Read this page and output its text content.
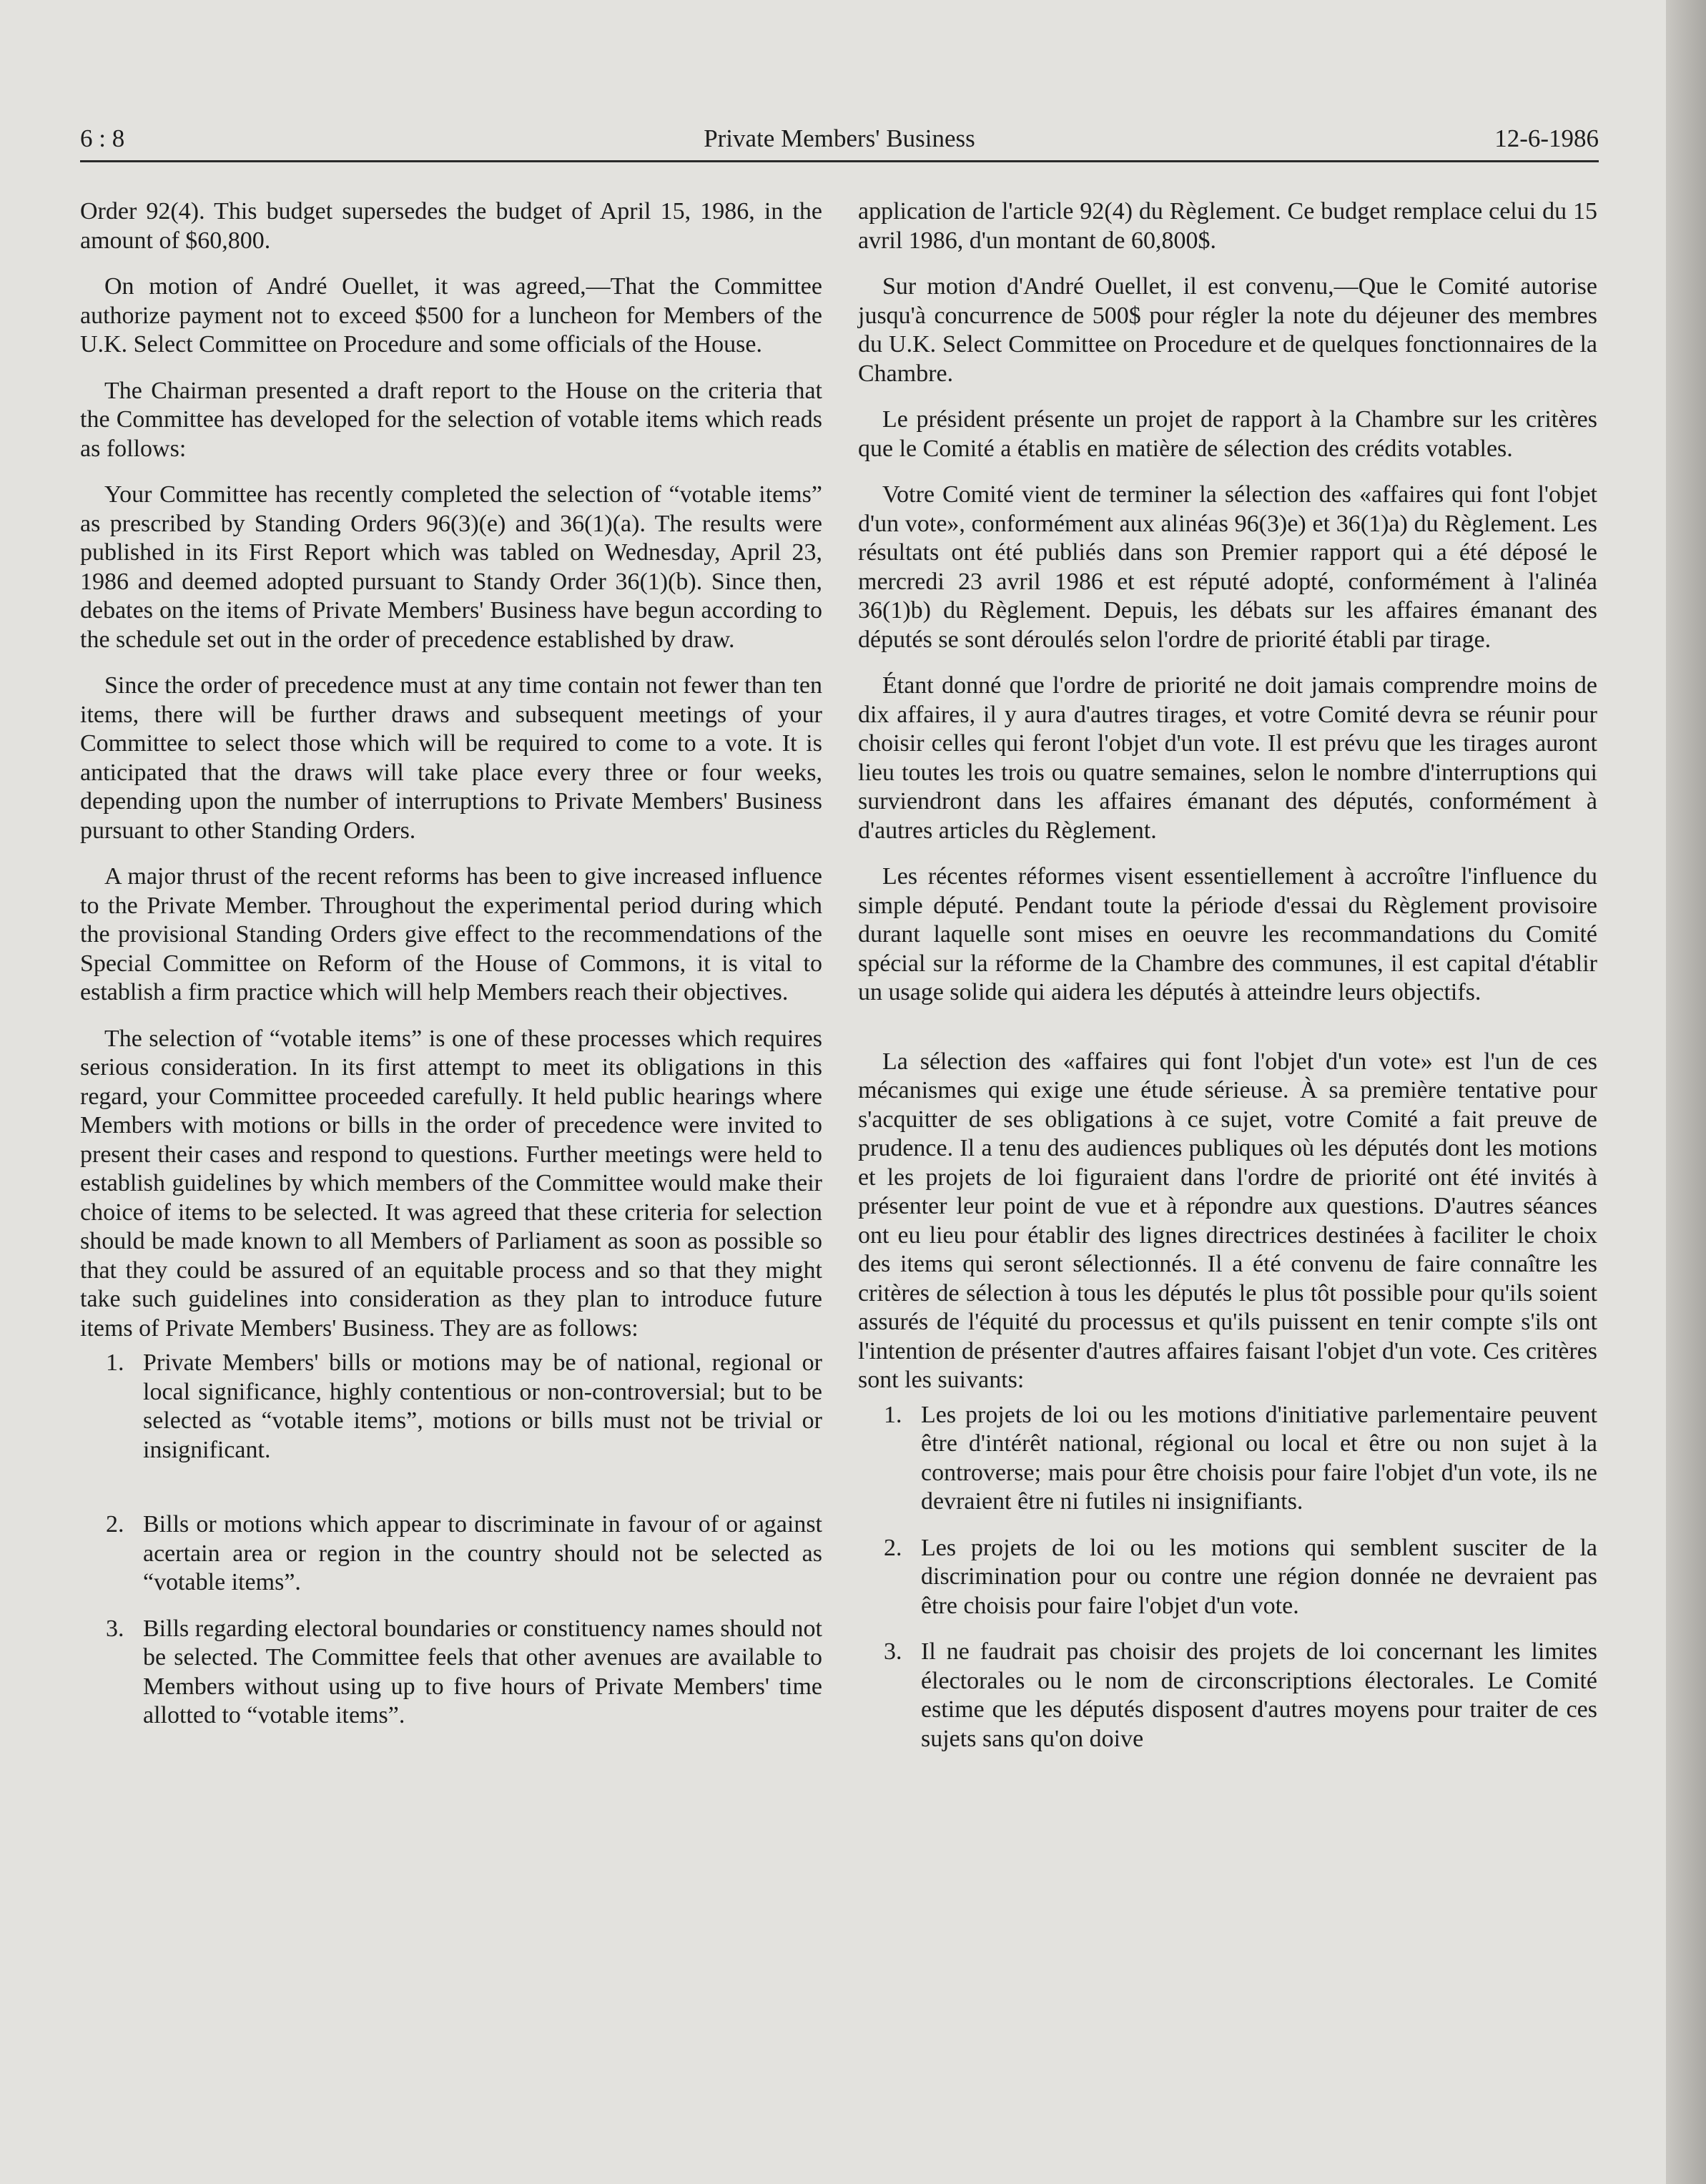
6 : 8	Private Members' Business	12-6-1986

Order 92(4). This budget supersedes the budget of April 15, 1986, in the amount of $60,800.

On motion of André Ouellet, it was agreed,—That the Committee authorize payment not to exceed $500 for a luncheon for Members of the U.K. Select Committee on Procedure and some officials of the House.

The Chairman presented a draft report to the House on the criteria that the Committee has developed for the selection of votable items which reads as follows:

Your Committee has recently completed the selection of “votable items” as prescribed by Standing Orders 96(3)(e) and 36(1)(a). The results were published in its First Report which was tabled on Wednesday, April 23, 1986 and deemed adopted pursuant to Standy Order 36(1)(b). Since then, debates on the items of Private Members' Business have begun according to the schedule set out in the order of precedence established by draw.

Since the order of precedence must at any time contain not fewer than ten items, there will be further draws and subsequent meetings of your Committee to select those which will be required to come to a vote. It is anticipated that the draws will take place every three or four weeks, depending upon the number of interruptions to Private Members' Business pursuant to other Standing Orders.

A major thrust of the recent reforms has been to give increased influence to the Private Member. Throughout the experimental period during which the provisional Standing Orders give effect to the recommendations of the Special Committee on Reform of the House of Commons, it is vital to establish a firm practice which will help Members reach their objectives.

The selection of “votable items” is one of these processes which requires serious consideration. In its first attempt to meet its obligations in this regard, your Committee proceeded carefully. It held public hearings where Members with motions or bills in the order of precedence were invited to present their cases and respond to questions. Further meetings were held to establish guidelines by which members of the Committee would make their choice of items to be selected. It was agreed that these criteria for selection should be made known to all Members of Parliament as soon as possible so that they could be assured of an equitable process and so that they might take such guidelines into consideration as they plan to introduce future items of Private Members' Business. They are as follows:

1. Private Members' bills or motions may be of national, regional or local significance, highly contentious or non-controversial; but to be selected as “votable items”, motions or bills must not be trivial or insignificant.
2. Bills or motions which appear to discriminate in favour of or against acertain area or region in the country should not be selected as “votable items”.
3. Bills regarding electoral boundaries or constituency names should not be selected. The Committee feels that other avenues are available to Members without using up to five hours of Private Members' time allotted to “votable items”.

application de l'article 92(4) du Règlement. Ce budget remplace celui du 15 avril 1986, d'un montant de 60,800$.

Sur motion d'André Ouellet, il est convenu,—Que le Comité autorise jusqu'à concurrence de 500$ pour régler la note du déjeuner des membres du U.K. Select Committee on Procedure et de quelques fonctionnaires de la Chambre.

Le président présente un projet de rapport à la Chambre sur les critères que le Comité a établis en matière de sélection des crédits votables.

Votre Comité vient de terminer la sélection des «affaires qui font l'objet d'un vote», conformément aux alinéas 96(3)e) et 36(1)a) du Règlement. Les résultats ont été publiés dans son Premier rapport qui a été déposé le mercredi 23 avril 1986 et est réputé adopté, conformément à l'alinéa 36(1)b) du Règlement. Depuis, les débats sur les affaires émanant des députés se sont déroulés selon l'ordre de priorité établi par tirage.

Étant donné que l'ordre de priorité ne doit jamais comprendre moins de dix affaires, il y aura d'autres tirages, et votre Comité devra se réunir pour choisir celles qui feront l'objet d'un vote. Il est prévu que les tirages auront lieu toutes les trois ou quatre semaines, selon le nombre d'interruptions qui surviendront dans les affaires émanant des députés, conformément à d'autres articles du Règlement.

Les récentes réformes visent essentiellement à accroître l'influence du simple député. Pendant toute la période d'essai du Règlement provisoire durant laquelle sont mises en oeuvre les recommandations du Comité spécial sur la réforme de la Chambre des communes, il est capital d'établir un usage solide qui aidera les députés à atteindre leurs objectifs.

La sélection des «affaires qui font l'objet d'un vote» est l'un de ces mécanismes qui exige une étude sérieuse. À sa première tentative pour s'acquitter de ses obligations à ce sujet, votre Comité a fait preuve de prudence. Il a tenu des audiences publiques où les députés dont les motions et les projets de loi figuraient dans l'ordre de priorité ont été invités à présenter leur point de vue et à répondre aux questions. D'autres séances ont eu lieu pour établir des lignes directrices destinées à faciliter le choix des items qui seront sélectionnés. Il a été convenu de faire connaître les critères de sélection à tous les députés le plus tôt possible pour qu'ils soient assurés de l'équité du processus et qu'ils puissent en tenir compte s'ils ont l'intention de présenter d'autres affaires faisant l'objet d'un vote. Ces critères sont les suivants:

1. Les projets de loi ou les motions d'initiative parlementaire peuvent être d'intérêt national, régional ou local et être ou non sujet à la controverse; mais pour être choisis pour faire l'objet d'un vote, ils ne devraient être ni futiles ni insignifiants.
2. Les projets de loi ou les motions qui semblent susciter de la discrimination pour ou contre une région donnée ne devraient pas être choisis pour faire l'objet d'un vote.
3. Il ne faudrait pas choisir des projets de loi concernant les limites électorales ou le nom de circonscriptions électorales. Le Comité estime que les députés disposent d'autres moyens pour traiter de ces sujets sans qu'on doive
